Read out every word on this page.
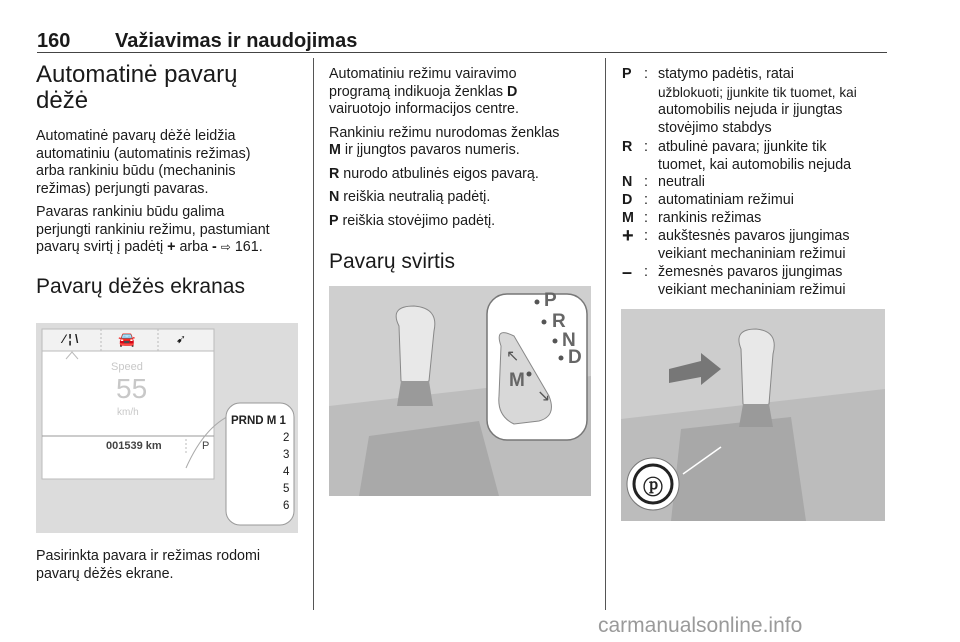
160 Važiavimas ir naudojimas
Automatinė pavarų
dėžė

Automatinė pavarų dėžė leidžia
automatiniu (automatinis režimas)
arba rankiniu būdu (mechaninis
režimas) perjungti pavaras.

Pavaras rankiniu būdu galima
perjungti rankiniu režimu, pastumiant
pavarų svirtį į padėtį + arba - ⇨ 161.

Pavarų dėžės ekranas
⁄ ¦ \	🚘	➹
Speed
55
km/h
001539 km	P
PRND M 1
2
3
4
5
6

Pasirinkta pavara ir režimas rodomi
pavarų dėžės ekrane.

Automatiniu režimu vairavimo
programą indikuoja ženklas D
vairuotojo informacijos centre.

Rankiniu režimu nurodomas ženklas
M ir įjungtos pavaros numeris.

R nurodo atbulinės eigos pavarą.

N reiškia neutralią padėtį.

P reiškia stovėjimo padėtį.

Pavarų svirtis
P
R
N
D
M
↖
↘
P : statymo padėtis, ratai
užblokuoti; įjunkite tik tuomet, kai
automobilis nejuda ir įjungtas
stovėjimo stabdys
R : atbulinė pavara; įjunkite tik
tuomet, kai automobilis nejuda
N : neutrali
D : automatiniam režimui
M : rankinis režimas
+ : aukštesnės pavaros įjungimas
veikiant mechaniniam režimui
– : žemesnės pavaros įjungimas
veikiant mechaniniam režimui
ⓟ
carmanualsonline.info
